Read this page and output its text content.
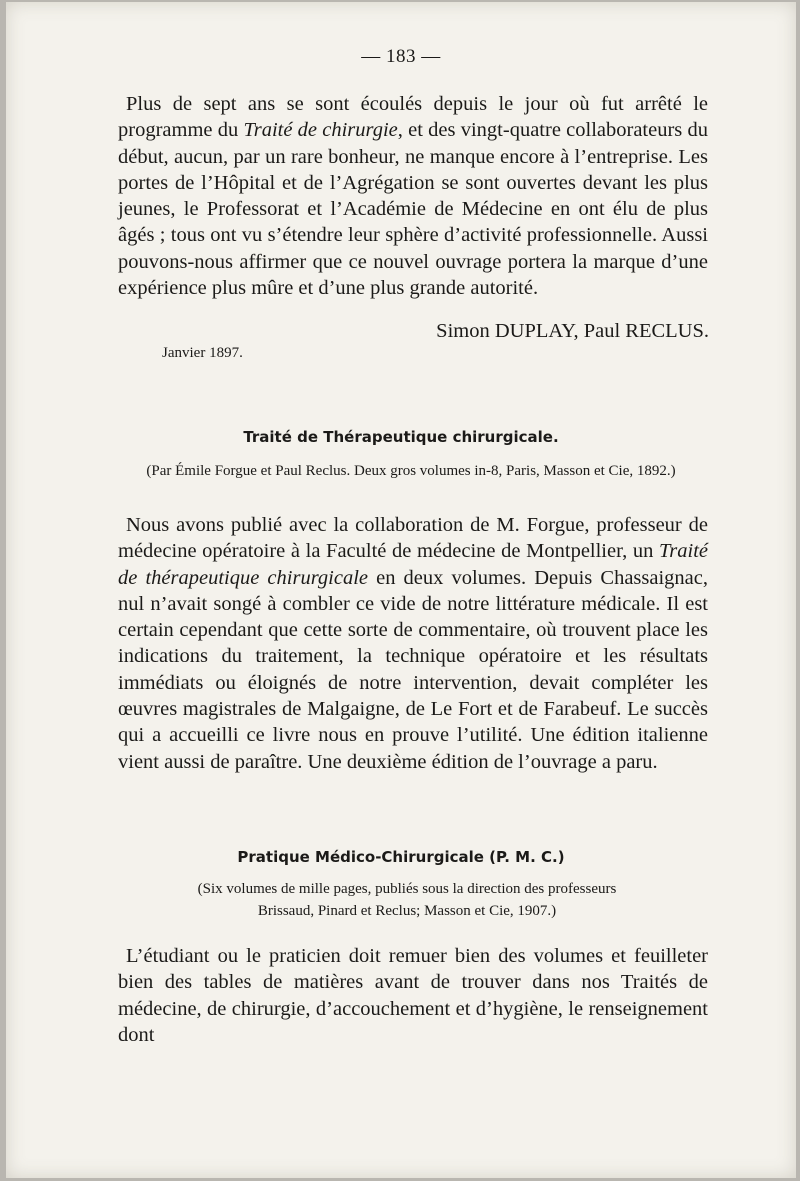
— 183 —

Plus de sept ans se sont écoulés depuis le jour où fut arrêté le programme du Traité de chirurgie, et des vingt-quatre collaborateurs du début, aucun, par un rare bonheur, ne manque encore à l’entreprise. Les portes de l’Hôpital et de l’Agrégation se sont ouvertes devant les plus jeunes, le Professorat et l’Académie de Médecine en ont élu de plus âgés ; tous ont vu s’étendre leur sphère d’activité professionnelle. Aussi pouvons-nous affirmer que ce nouvel ouvrage portera la marque d’une expérience plus mûre et d’une plus grande autorité.

Simon DUPLAY, Paul RECLUS.
Janvier 1897.
Traité de Thérapeutique chirurgicale.
(Par Émile Forgue et Paul Reclus. Deux gros volumes in-8, Paris, Masson et Cie, 1892.)

Nous avons publié avec la collaboration de M. Forgue, professeur de médecine opératoire à la Faculté de médecine de Montpellier, un Traité de thérapeutique chirurgicale en deux volumes. Depuis Chassaignac, nul n’avait songé à combler ce vide de notre littérature médicale. Il est certain cependant que cette sorte de commentaire, où trouvent place les indications du traitement, la technique opératoire et les résultats immédiats ou éloignés de notre intervention, devait compléter les œuvres magistrales de Malgaigne, de Le Fort et de Farabeuf. Le succès qui a accueilli ce livre nous en prouve l’utilité. Une édition italienne vient aussi de paraître. Une deuxième édition de l’ouvrage a paru.

Pratique Médico-Chirurgicale (P. M. C.)
(Six volumes de mille pages, publiés sous la direction des professeurs
Brissaud, Pinard et Reclus; Masson et Cie, 1907.)

L’étudiant ou le praticien doit remuer bien des volumes et feuilleter bien des tables de matières avant de trouver dans nos Traités de médecine, de chirurgie, d’accouchement et d’hygiène, le renseignement dont
